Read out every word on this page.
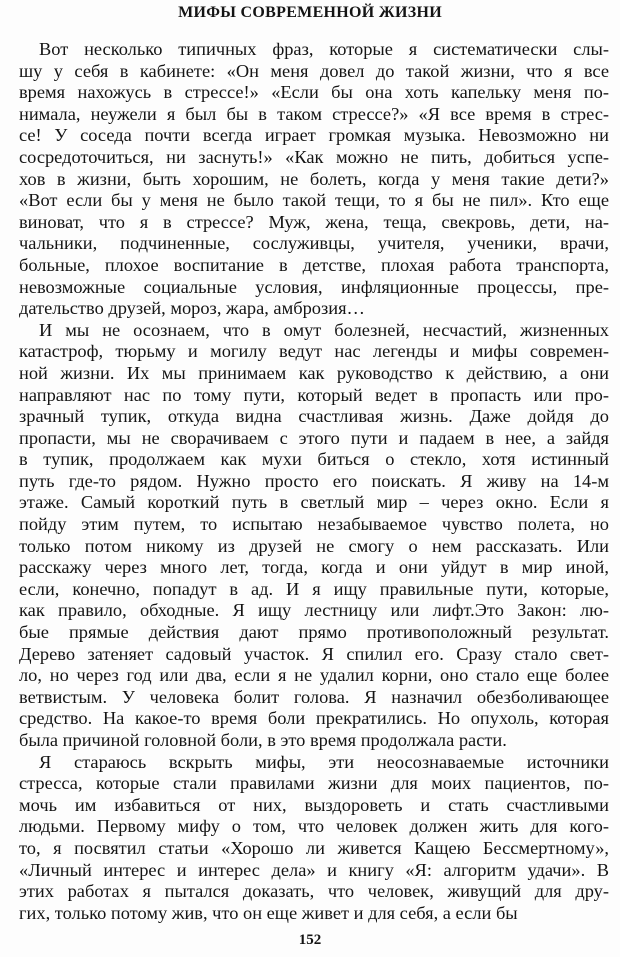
МИФЫ СОВРЕМЕННОЙ ЖИЗНИ

Вот несколько типичных фраз, которые я систематически слы-
шу у себя в кабинете: «Он меня довел до такой жизни, что я все
время нахожусь в стрессе!» «Если бы она хоть капельку меня по-
нимала, неужели я был бы в таком стрессе?» «Я все время в стрес-
се! У соседа почти всегда играет громкая музыка. Невозможно ни
сосредоточиться, ни заснуть!» «Как можно не пить, добиться успе-
хов в жизни, быть хорошим, не болеть, когда у меня такие дети?»
«Вот если бы у меня не было такой тещи, то я бы не пил». Кто еще
виноват, что я в стрессе? Муж, жена, теща, свекровь, дети, на-
чальники, подчиненные, сослуживцы, учителя, ученики, врачи,
больные, плохое воспитание в детстве, плохая работа транспорта,
невозможные социальные условия, инфляционные процессы, пре-
дательство друзей, мороз, жара, амброзия…

И мы не осознаем, что в омут болезней, несчастий, жизненных
катастроф, тюрьму и могилу ведут нас легенды и мифы современ-
ной жизни. Их мы принимаем как руководство к действию, а они
направляют нас по тому пути, который ведет в пропасть или про-
зрачный тупик, откуда видна счастливая жизнь. Даже дойдя до
пропасти, мы не сворачиваем с этого пути и падаем в нее, а зайдя
в тупик, продолжаем как мухи биться о стекло, хотя истинный
путь где-то рядом. Нужно просто его поискать. Я живу на 14-м
этаже. Самый короткий путь в светлый мир – через окно. Если я
пойду этим путем, то испытаю незабываемое чувство полета, но
только потом никому из друзей не смогу о нем рассказать. Или
расскажу через много лет, тогда, когда и они уйдут в мир иной,
если, конечно, попадут в ад. И я ищу правильные пути, которые,
как правило, обходные. Я ищу лестницу или лифт.Это Закон: лю-
бые прямые действия дают прямо противоположный результат.
Дерево затеняет садовый участок. Я спилил его. Сразу стало свет-
ло, но через год или два, если я не удалил корни, оно стало еще более
ветвистым. У человека болит голова. Я назначил обезболивающее
средство. На какое-то время боли прекратились. Но опухоль, которая
была причиной головной боли, в это время продолжала расти.

Я стараюсь вскрыть мифы, эти неосознаваемые источники
стресса, которые стали правилами жизни для моих пациентов, по-
мочь им избавиться от них, выздороветь и стать счастливыми
людьми. Первому мифу о том, что человек должен жить для кого-
то, я посвятил статьи «Хорошо ли живется Кащею Бессмертному»,
«Личный интерес и интерес дела» и книгу «Я: алгоритм удачи». В
этих работах я пытался доказать, что человек, живущий для дру-
гих, только потому жив, что он еще живет и для себя, а если бы

152
